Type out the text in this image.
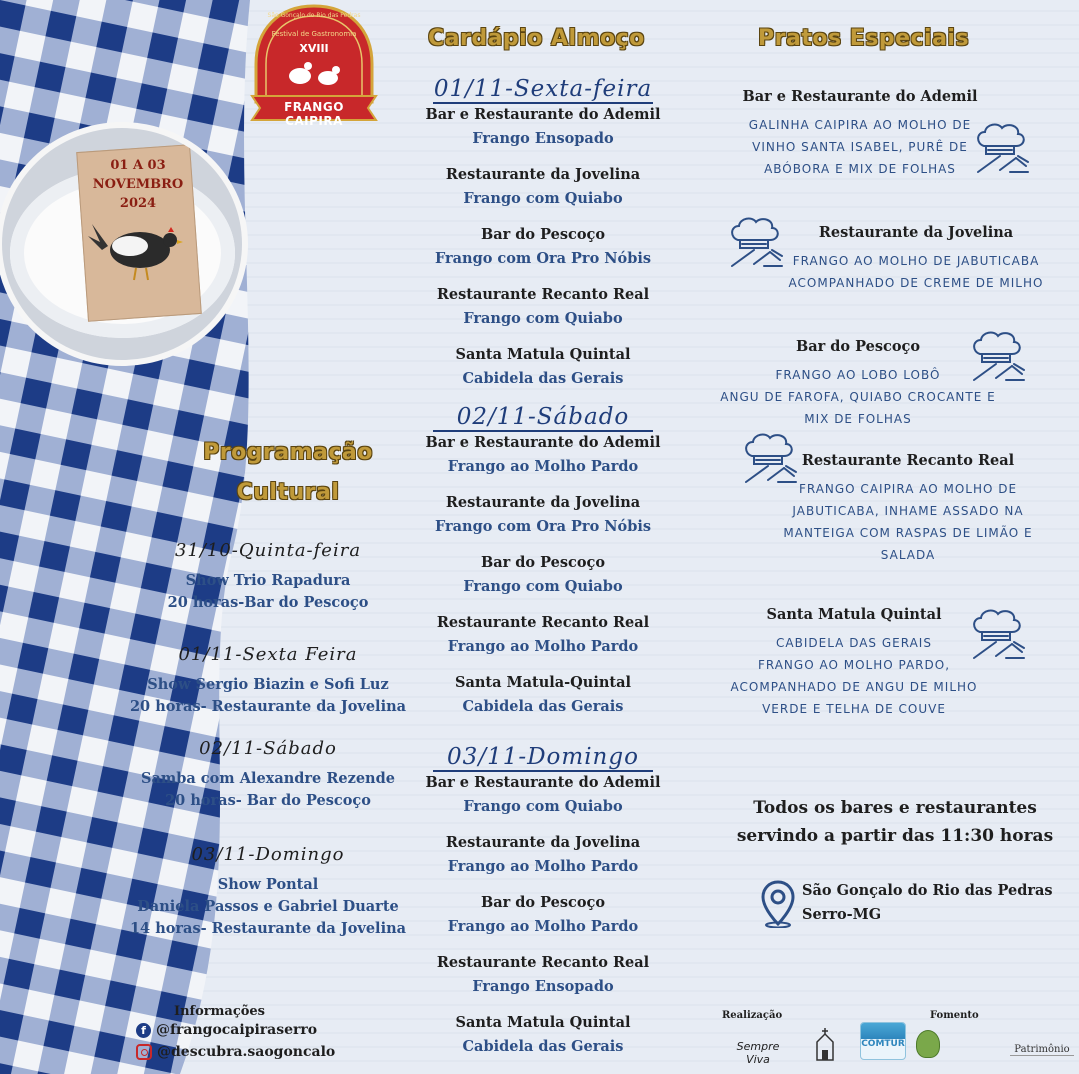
01 A 03
NOVEMBRO
2024
São Gonçalo do Rio das Pedras
Festival de Gastronomia
XVIII
FRANGO CAIPIRA
Cardápio Almoço
01/11-Sexta-feira
Bar e Restaurante do Ademil
Frango Ensopado
Restaurante da Jovelina
Frango com Quiabo
Bar do Pescoço
Frango com Ora Pro Nóbis
Restaurante Recanto Real
Frango com Quiabo
Santa Matula Quintal
Cabidela das Gerais
02/11-Sábado
Bar e Restaurante do Ademil
Frango ao Molho Pardo
Restaurante da Jovelina
Frango com Ora Pro Nóbis
Bar do Pescoço
Frango com Quiabo
Restaurante Recanto Real
Frango ao Molho Pardo
Santa Matula-Quintal
Cabidela das Gerais
03/11-Domingo
Bar e Restaurante do Ademil
Frango com Quiabo
Restaurante da Jovelina
Frango ao Molho Pardo
Bar do Pescoço
Frango ao Molho Pardo
Restaurante Recanto Real
Frango Ensopado
Santa Matula Quintal
Cabidela das Gerais
Pratos Especiais
Bar e Restaurante do Ademil
GALINHA CAIPIRA AO MOLHO DE
VINHO SANTA ISABEL, PURÊ DE
ABÓBORA E MIX DE FOLHAS
Restaurante da Jovelina
FRANGO AO MOLHO DE JABUTICABA
ACOMPANHADO DE CREME DE MILHO
Bar do Pescoço
FRANGO AO LOBO LOBÔ
ANGU DE FAROFA, QUIABO CROCANTE E
MIX DE FOLHAS
Restaurante Recanto Real
FRANGO CAIPIRA AO MOLHO DE
JABUTICABA, INHAME ASSADO NA
MANTEIGA COM RASPAS DE LIMÃO E
SALADA
Santa Matula Quintal
CABIDELA DAS GERAIS
FRANGO AO MOLHO PARDO,
ACOMPANHADO DE ANGU DE MILHO
VERDE E TELHA DE COUVE
Programação
Cultural
31/10-Quinta-feira
Show Trio Rapadura
20 horas-Bar do Pescoço
01/11-Sexta Feira
Show Sergio Biazin e Sofi Luz
20 horas- Restaurante da Jovelina
02/11-Sábado
Samba com Alexandre Rezende
20 horas- Bar do Pescoço
03/11-Domingo
Show Pontal
Daniela Passos e Gabriel Duarte
14 horas- Restaurante da Jovelina
Informações
f @frangocaipiraserro
@descubra.saogoncalo
Todos os bares e restaurantes
servindo a partir das 11:30 horas
São Gonçalo do Rio das Pedras
Serro-MG
Realização	Fomento
Sempre Viva
COMTUR	Patrimônio
